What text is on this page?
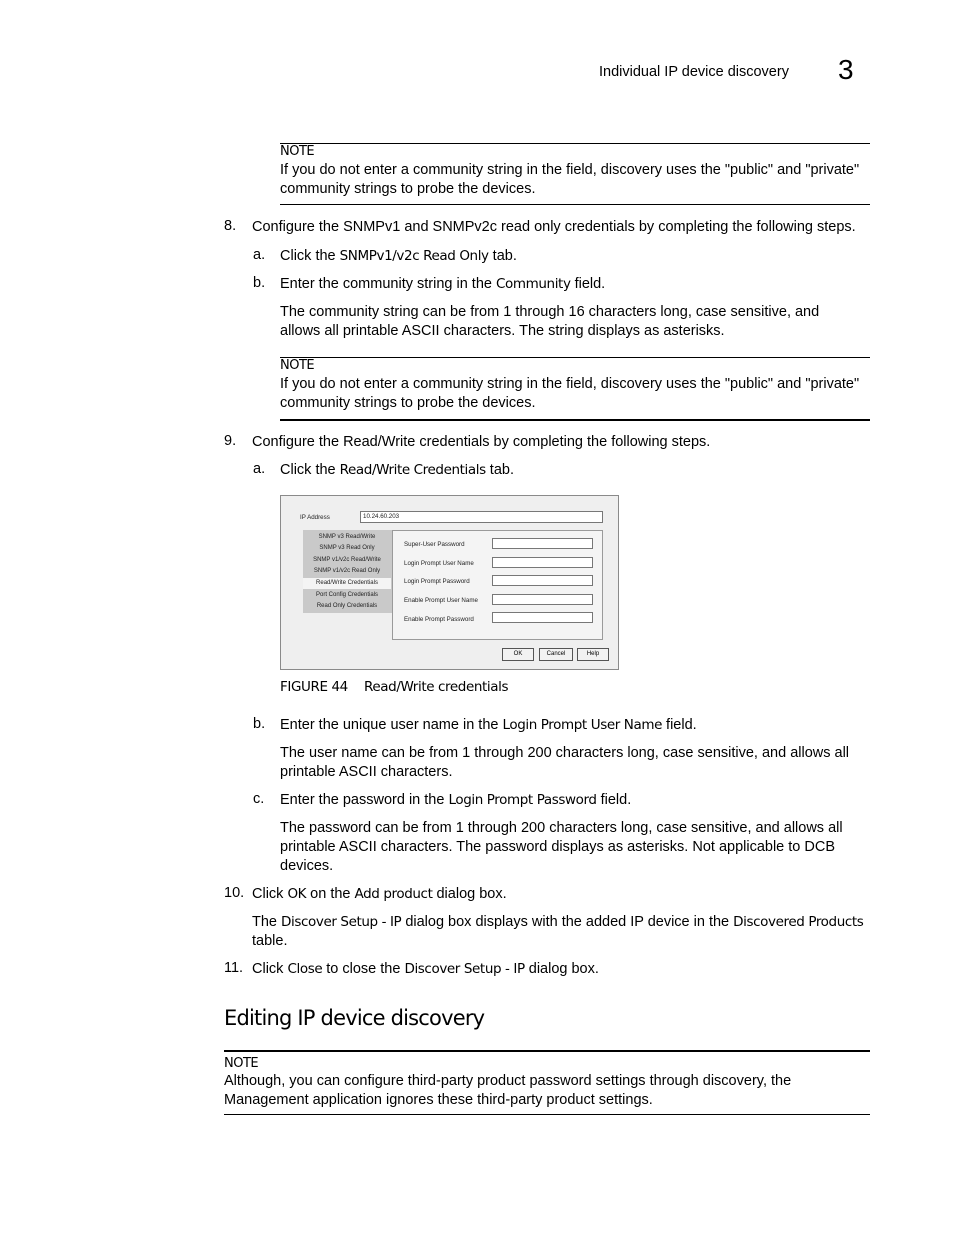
Individual IP device discovery 3
NOTE
If you do not enter a community string in the field, discovery uses the "public" and "private" community strings to probe the devices.
8. Configure the SNMPv1 and SNMPv2c read only credentials by completing the following steps.
a. Click the SNMPv1/v2c Read Only tab.
b. Enter the community string in the Community field.
The community string can be from 1 through 16 characters long, case sensitive, and allows all printable ASCII characters. The string displays as asterisks.
NOTE
If you do not enter a community string in the field, discovery uses the "public" and "private" community strings to probe the devices.
9. Configure the Read/Write credentials by completing the following steps.
a. Click the Read/Write Credentials tab.
IP Address	10.24.60.203
SNMP v3 Read/Write
SNMP v3 Read Only
SNMP v1/v2c Read/Write
SNMP v1/v2c Read Only
Read/Write Credentials
Port Config Credentials
Read Only Credentials
Super-User Password
Login Prompt User Name
Login Prompt Password
Enable Prompt User Name
Enable Prompt Password
OK	Cancel	Help
FIGURE 44 Read/Write credentials
b. Enter the unique user name in the Login Prompt User Name field.
The user name can be from 1 through 200 characters long, case sensitive, and allows all printable ASCII characters.
c. Enter the password in the Login Prompt Password field.
The password can be from 1 through 200 characters long, case sensitive, and allows all printable ASCII characters. The password displays as asterisks. Not applicable to DCB devices.
10. Click OK on the Add product dialog box.
The Discover Setup - IP dialog box displays with the added IP device in the Discovered Products table.
11. Click Close to close the Discover Setup - IP dialog box.
Editing IP device discovery
NOTE
Although, you can configure third-party product password settings through discovery, the Management application ignores these third-party product settings.
